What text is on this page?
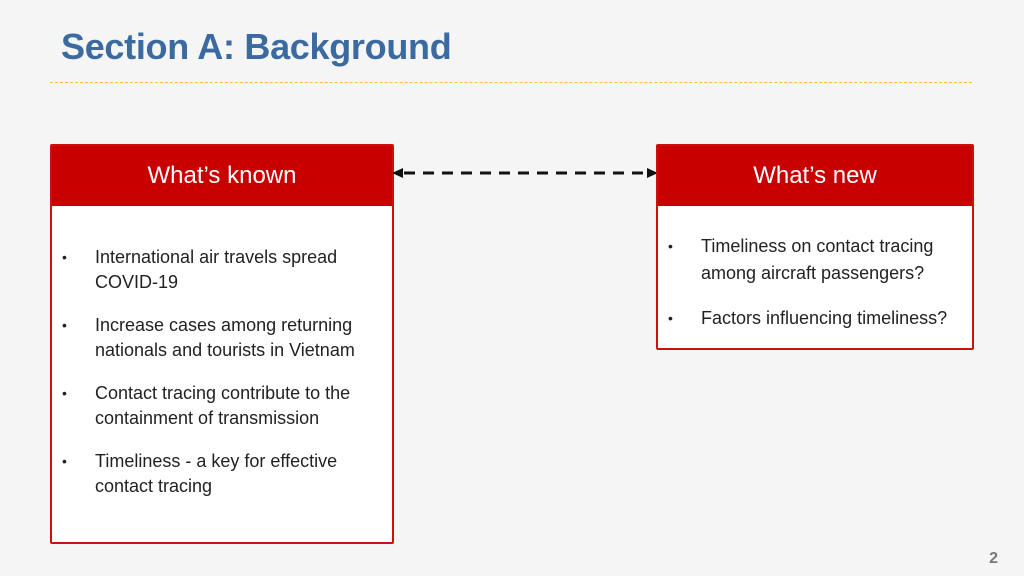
Section A: Background
What’s known
• International air travels spread COVID-19
• Increase cases among returning nationals and tourists in Vietnam
• Contact tracing contribute to the containment of transmission
• Timeliness - a key for effective contact tracing
What’s new
• Timeliness on contact tracing among aircraft passengers?
• Factors influencing timeliness?
2
